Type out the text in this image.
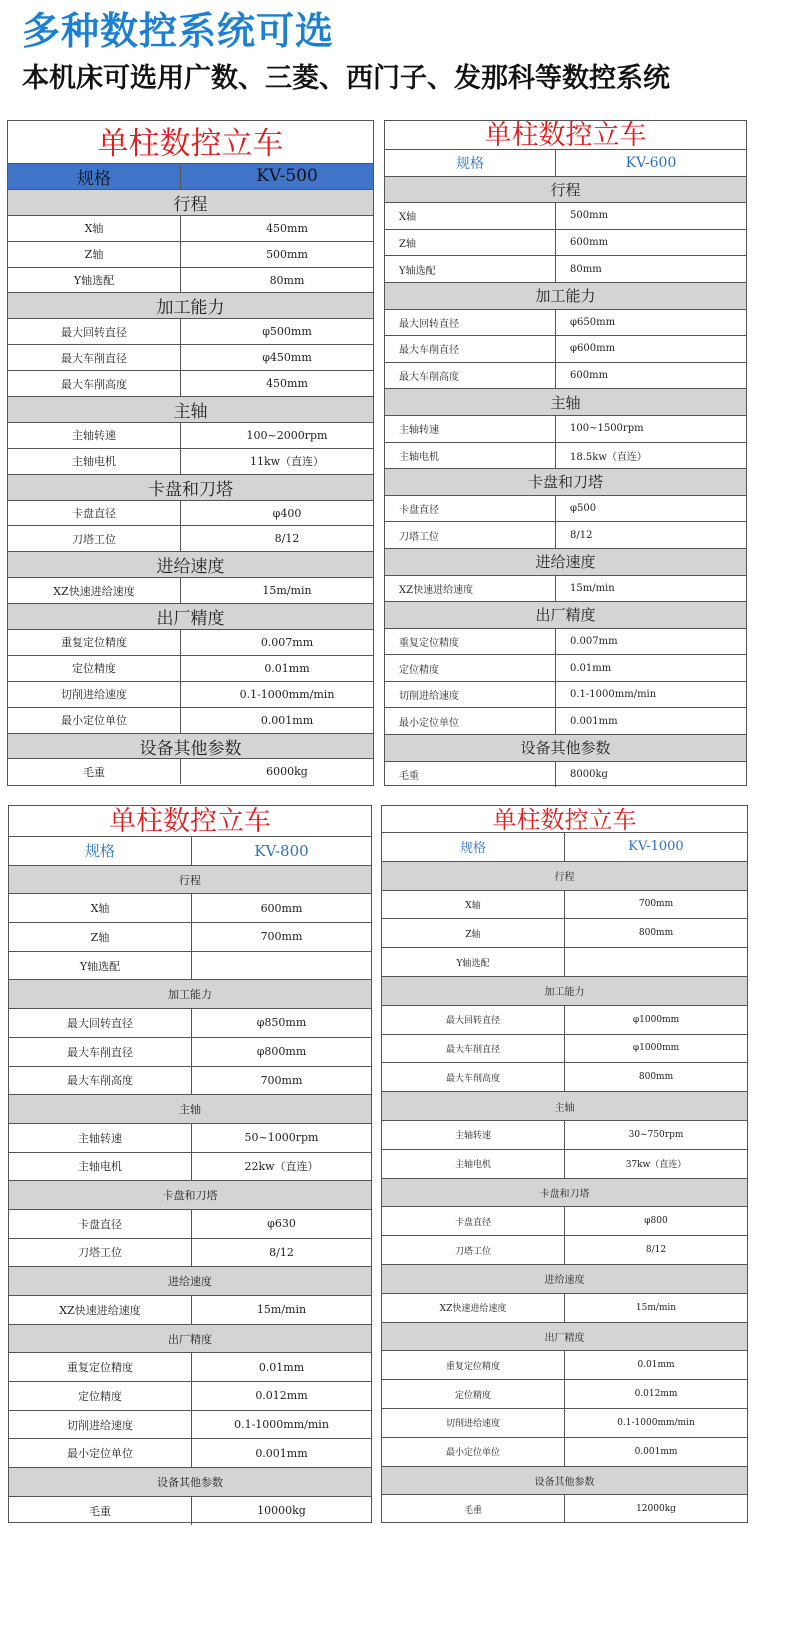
多种数控系统可选
本机床可选用广数、三菱、西门子、发那科等数控系统
单柱数控立车
规格	KV-500
行程
X轴	450mm
Z轴	500mm
Y轴选配	80mm
加工能力
最大回转直径	φ500mm
最大车削直径	φ450mm
最大车削高度	450mm
主轴
主轴转速	100~2000rpm
主轴电机	11kw（直连）
卡盘和刀塔
卡盘直径	φ400
刀塔工位	8/12
进给速度
XZ快速进给速度	15m/min
出厂精度
重复定位精度	0.007mm
定位精度	0.01mm
切削进给速度	0.1-1000mm/min
最小定位单位	0.001mm
设备其他参数
毛重	6000kg
单柱数控立车
规格	KV-600
行程
X轴	500mm
Z轴	600mm
Y轴选配	80mm
加工能力
最大回转直径	φ650mm
最大车削直径	φ600mm
最大车削高度	600mm
主轴
主轴转速	100~1500rpm
主轴电机	18.5kw（直连）
卡盘和刀塔
卡盘直径	φ500
刀塔工位	8/12
进给速度
XZ快速进给速度	15m/min
出厂精度
重复定位精度	0.007mm
定位精度	0.01mm
切削进给速度	0.1-1000mm/min
最小定位单位	0.001mm
设备其他参数
毛重	8000kg
单柱数控立车
规格	KV-800
行程
X轴	600mm
Z轴	700mm
Y轴选配
加工能力
最大回转直径	φ850mm
最大车削直径	φ800mm
最大车削高度	700mm
主轴
主轴转速	50~1000rpm
主轴电机	22kw（直连）
卡盘和刀塔
卡盘直径	φ630
刀塔工位	8/12
进给速度
XZ快速进给速度	15m/min
出厂精度
重复定位精度	0.01mm
定位精度	0.012mm
切削进给速度	0.1-1000mm/min
最小定位单位	0.001mm
设备其他参数
毛重	10000kg
单柱数控立车
规格	KV-1000
行程
X轴	700mm
Z轴	800mm
Y轴选配
加工能力
最大回转直径	φ1000mm
最大车削直径	φ1000mm
最大车削高度	800mm
主轴
主轴转速	30~750rpm
主轴电机	37kw（直连）
卡盘和刀塔
卡盘直径	φ800
刀塔工位	8/12
进给速度
XZ快速进给速度	15m/min
出厂精度
重复定位精度	0.01mm
定位精度	0.012mm
切削进给速度	0.1-1000mm/min
最小定位单位	0.001mm
设备其他参数
毛重	12000kg
